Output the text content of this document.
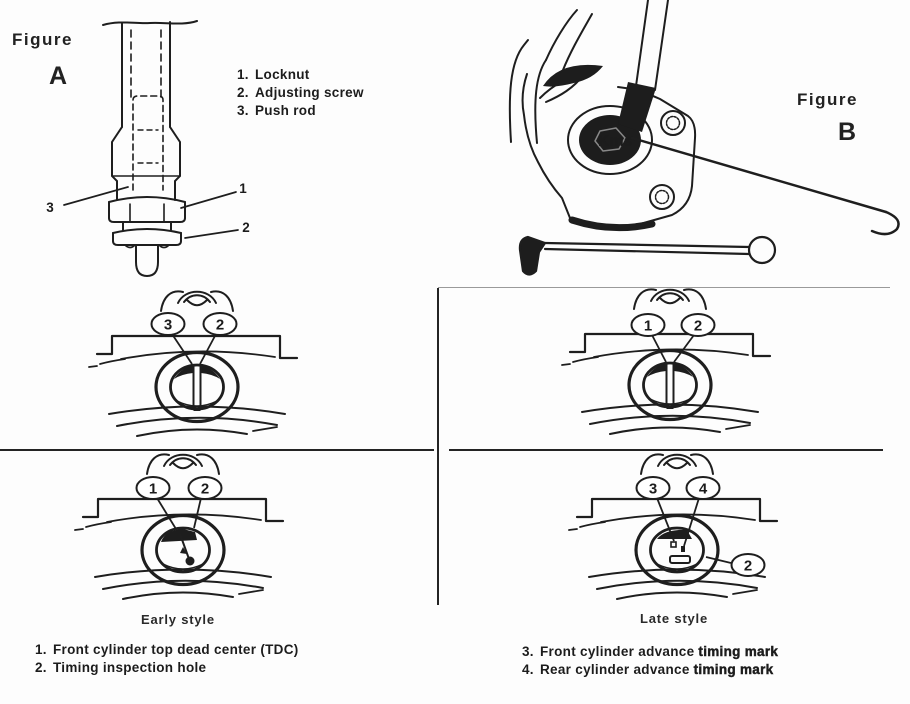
Figure
A	1. Locknut
2. Adjusting screw
3. Push rod
3
1
2
Figure
B
Kms
3	2	1	2
1	2
Early style
3	4
2
Late style
1. Front cylinder top dead center (TDC)
2. Timing inspection hole
3. Front cylinder advance timing mark
4. Rear cylinder advance timing mark
